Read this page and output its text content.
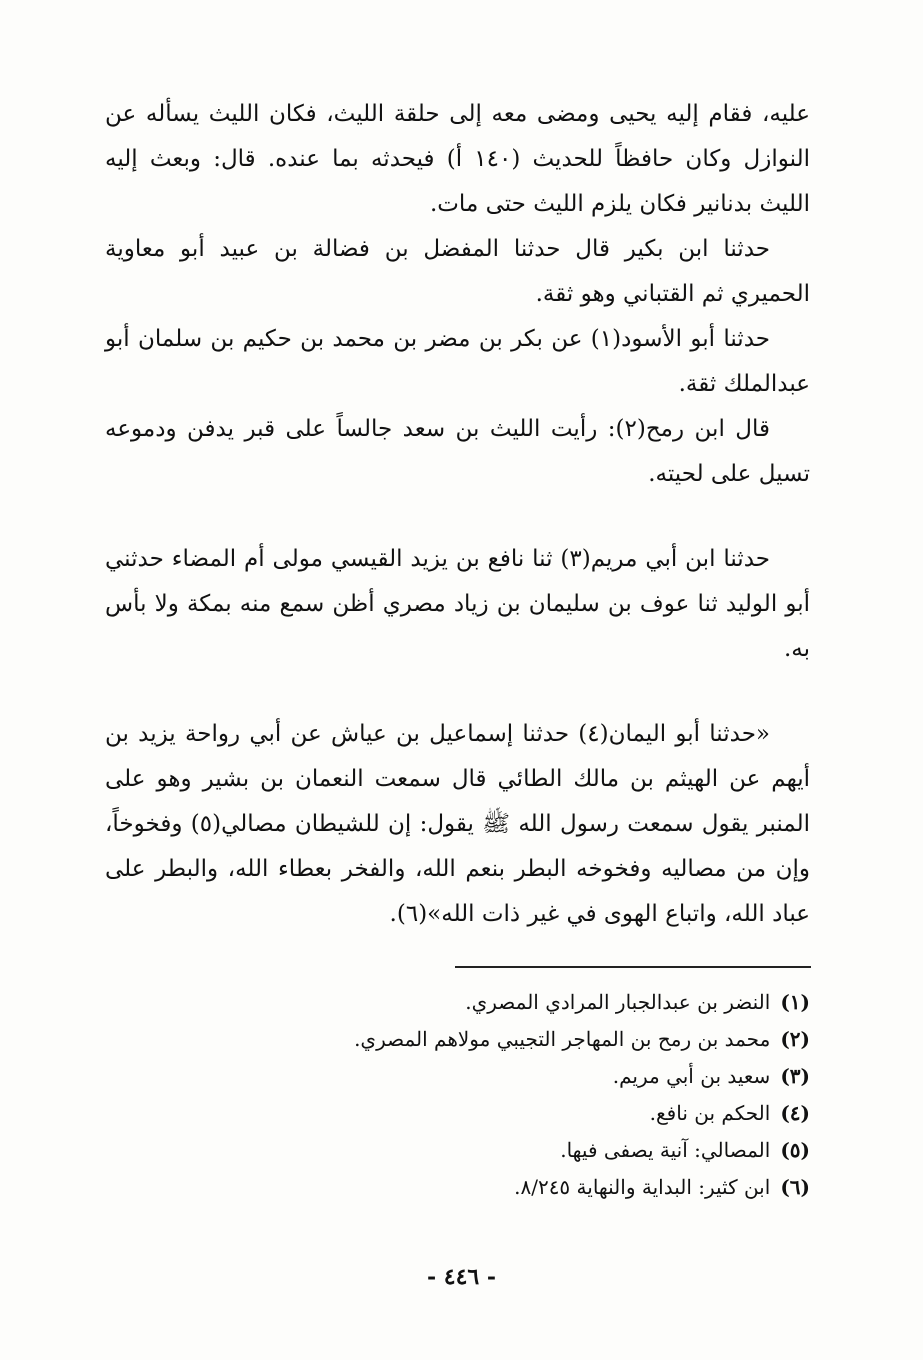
عليه، فقام إليه يحيى ومضى معه إلى حلقة الليث، فكان الليث يسأله عن النوازل وكان حافظاً للحديث (١٤٠ أ) فيحدثه بما عنده. قال: وبعث إليه الليث بدنانير فكان يلزم الليث حتى مات.

حدثنا ابن بكير قال حدثنا المفضل بن فضالة بن عبيد أبو معاوية الحميري ثم القتباني وهو ثقة.

حدثنا أبو الأسود(١) عن بكر بن مضر بن محمد بن حكيم بن سلمان أبو عبدالملك ثقة.

قال ابن رمح(٢): رأيت الليث بن سعد جالساً على قبر يدفن ودموعه تسيل على لحيته.

حدثنا ابن أبي مريم(٣) ثنا نافع بن يزيد القيسي مولى أم المضاء حدثني أبو الوليد ثنا عوف بن سليمان بن زياد مصري أظن سمع منه بمكة ولا بأس به.

«حدثنا أبو اليمان(٤) حدثنا إسماعيل بن عياش عن أبي رواحة يزيد بن أيهم عن الهيثم بن مالك الطائي قال سمعت النعمان بن بشير وهو على المنبر يقول سمعت رسول الله ﷺ يقول: إن للشيطان مصالي(٥) وفخوخاً، وإن من مصاليه وفخوخه البطر بنعم الله، والفخر بعطاء الله، والبطر على عباد الله، واتباع الهوى في غير ذات الله»(٦).

(١)النضر بن عبدالجبار المرادي المصري.
(٢)محمد بن رمح بن المهاجر التجيبي مولاهم المصري.
(٣)سعيد بن أبي مريم.
(٤)الحكم بن نافع.
(٥)المصالي: آنية يصفى فيها.
(٦)ابن كثير: البداية والنهاية ٨/٢٤٥.
- ٤٤٦ -
